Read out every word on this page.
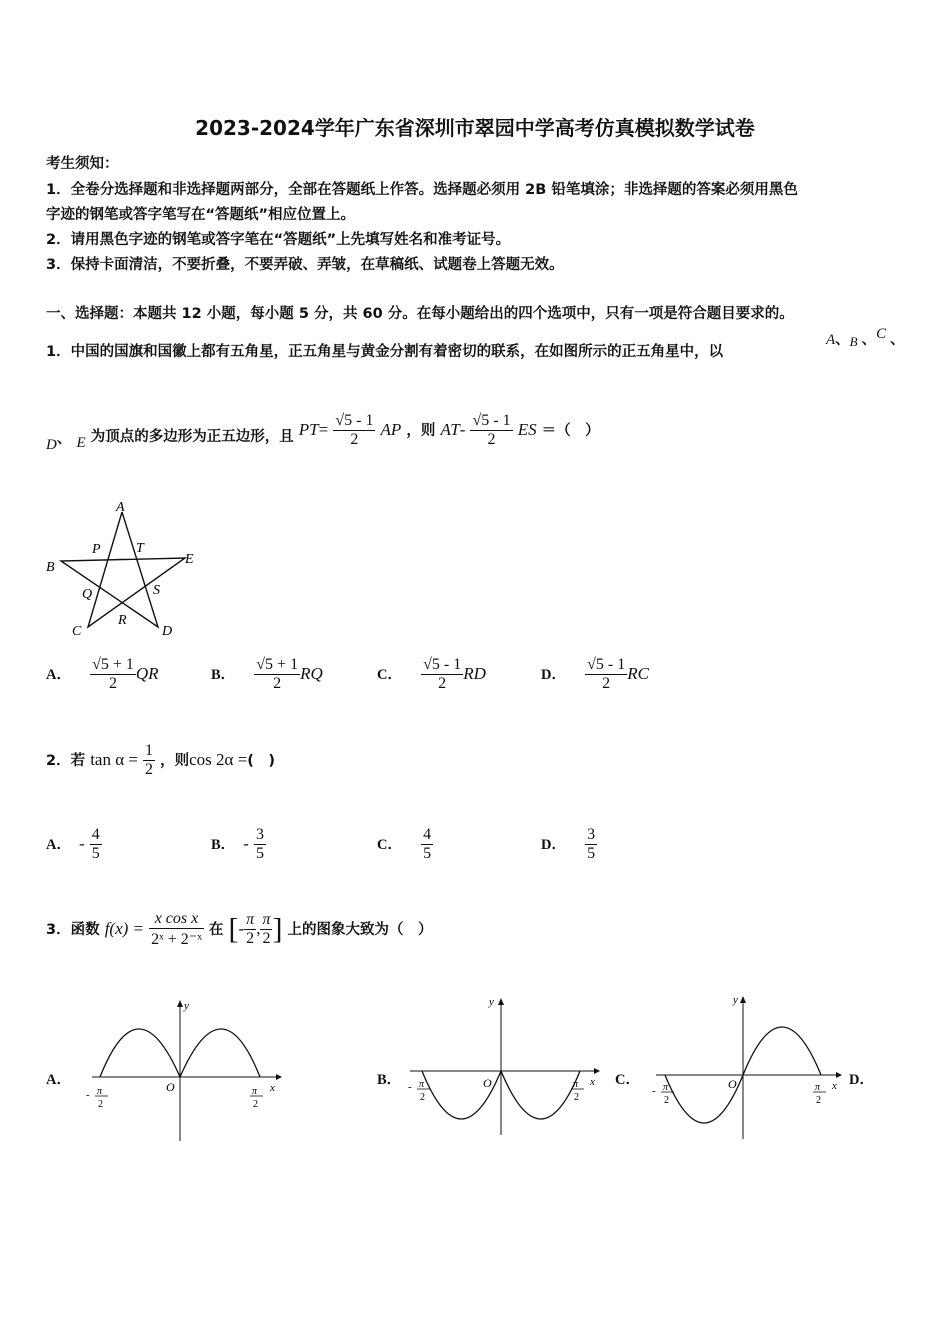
2023-2024学年广东省深圳市翠园中学高考仿真模拟数学试卷
考生须知：
1．全卷分选择题和非选择题两部分，全部在答题纸上作答。选择题必须用 2B 铅笔填涂；非选择题的答案必须用黑色
字迹的钢笔或答字笔写在“答题纸”相应位置上。
2．请用黑色字迹的钢笔或答字笔在“答题纸”上先填写姓名和准考证号。
3．保持卡面清洁，不要折叠，不要弄破、弄皱，在草稿纸、试题卷上答题无效。
一、选择题：本题共 12 小题，每小题 5 分，共 60 分。在每小题给出的四个选项中，只有一项是符合题目要求的。
1．中国的国旗和国徽上都有五角星，正五角星与黄金分割有着密切的联系，在如图所示的正五角星中，以
A、B 、C 、
D、 E 为顶点的多边形为正五边形，且 $PT= \frac{√5 - 1}{2}$ AP ，则 $AT- \frac{√5 - 1}{2}$ ES ＝（　）
A
B
C	D
E
P	T
Q
R
S
A． $\frac{√5 + 1}{2}$ QR	B． $\frac{√5 + 1}{2}$ RQ	C． $\frac{√5 - 1}{2}$ RD	D． $\frac{√5 - 1}{2}$ RC
2．若 $\tan \alpha = \frac{1}{2}$ ，则cos 2α =(　)
A． - $\frac{4}{5}$	B． - $\frac{3}{5}$	C． $\frac{4}{5}$	D． $\frac{3}{5}$
3．函数 $f(x) = \frac{\text{x cos x}}{\text{2ˣ + 2⁻ˣ}}$ 在 [- $\frac{\pi}{2}$ , $\frac{\pi}{2}$ ] 上的图象大致为（　）
A．
y
x
O
- π
2
π
2
B．
y
x
O
- π
2
π
2
C．
y
x
O
- π
2
π
2
D．
